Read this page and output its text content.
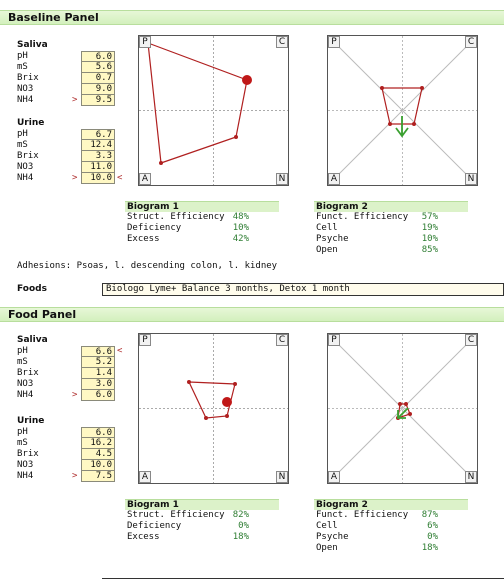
Baseline Panel
Saliva
pH	6.0
mS	5.6
Brix	0.7
NO3	9.0
NH4	>	9.5
Urine
pH	6.7
mS	12.4
Brix	3.3
NO3	11.0
NH4	>	10.0 <
P	C
A	N
P	C
A	N
Biogram 1
Struct. Efficiency 48%
Deficiency	10%
Excess	42%
Biogram 2
Funct. Efficiency 57%
Cell	19%
Psyche	10%
Open	85%
Adhesions: Psoas, l. descending colon, l. kidney
Foods	Biologo Lyme+ Balance 3 months, Detox 1 month
Food Panel
Saliva
pH	6.6 <
mS	5.2
Brix	1.4
NO3	3.0
NH4	>	6.0
Urine
pH	6.0
mS	16.2
Brix	4.5
NO3	10.0
NH4	>	7.5
P	C
A	N
P	C
A	N
Biogram 1
Struct. Efficiency 82%
Deficiency	0%
Excess	18%
Biogram 2
Funct. Efficiency 87%
Cell	6%
Psyche	0%
Open	18%
